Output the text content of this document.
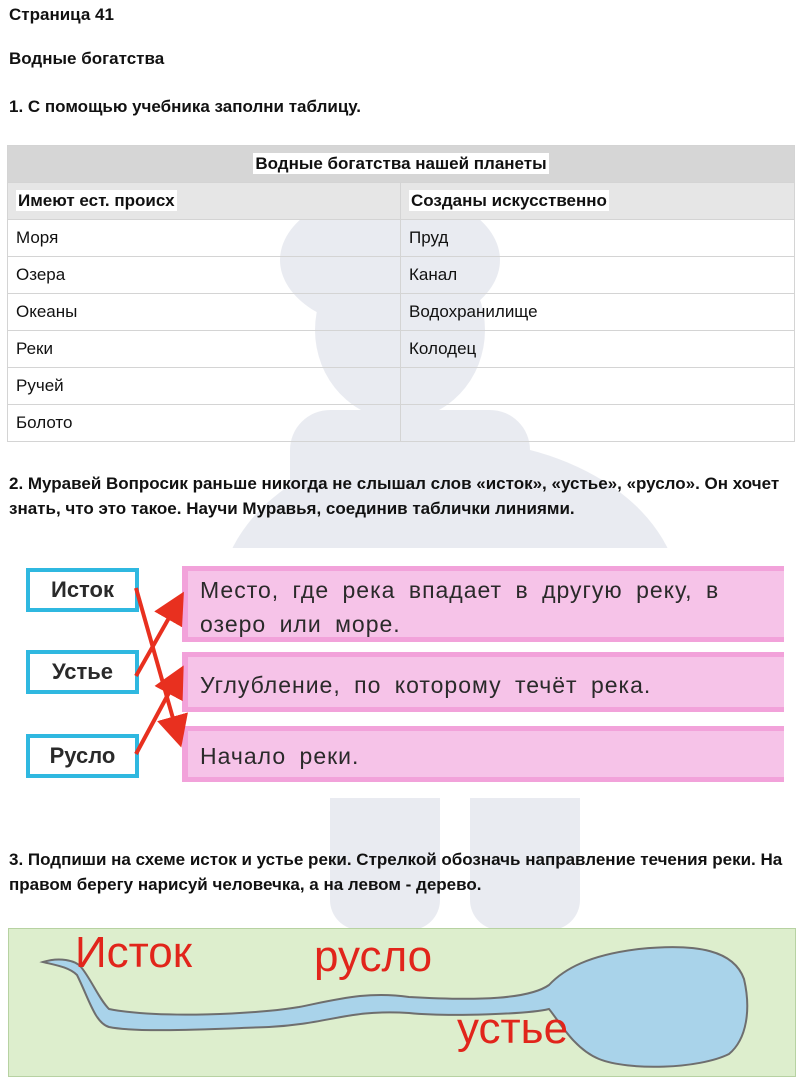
Страница 41
Водные богатства
1. С помощью учебника заполни таблицу.
Водные богатства нашей планеты	
Имеют ест. происх	Созданы искусственно
Моря	Пруд
Озера	Канал
Океаны	Водохранилище
Реки	Колодец
Ручей	
Болото	
2. Муравей Вопросик раньше никогда не слышал слов «исток», «устье», «русло». Он хочет знать, что это такое. Научи Муравья, соединив таблички линиями.
Исток
Устье
Русло
Место, где река впадает в другую реку, в озеро или море.
Углубление, по которому течёт река.
Начало реки.
3. Подпиши на схеме исток и устье реки. Стрелкой обозначь направление течения реки. На правом берегу нарисуй человечка, а на левом - дерево.
Исток	русло
устье
